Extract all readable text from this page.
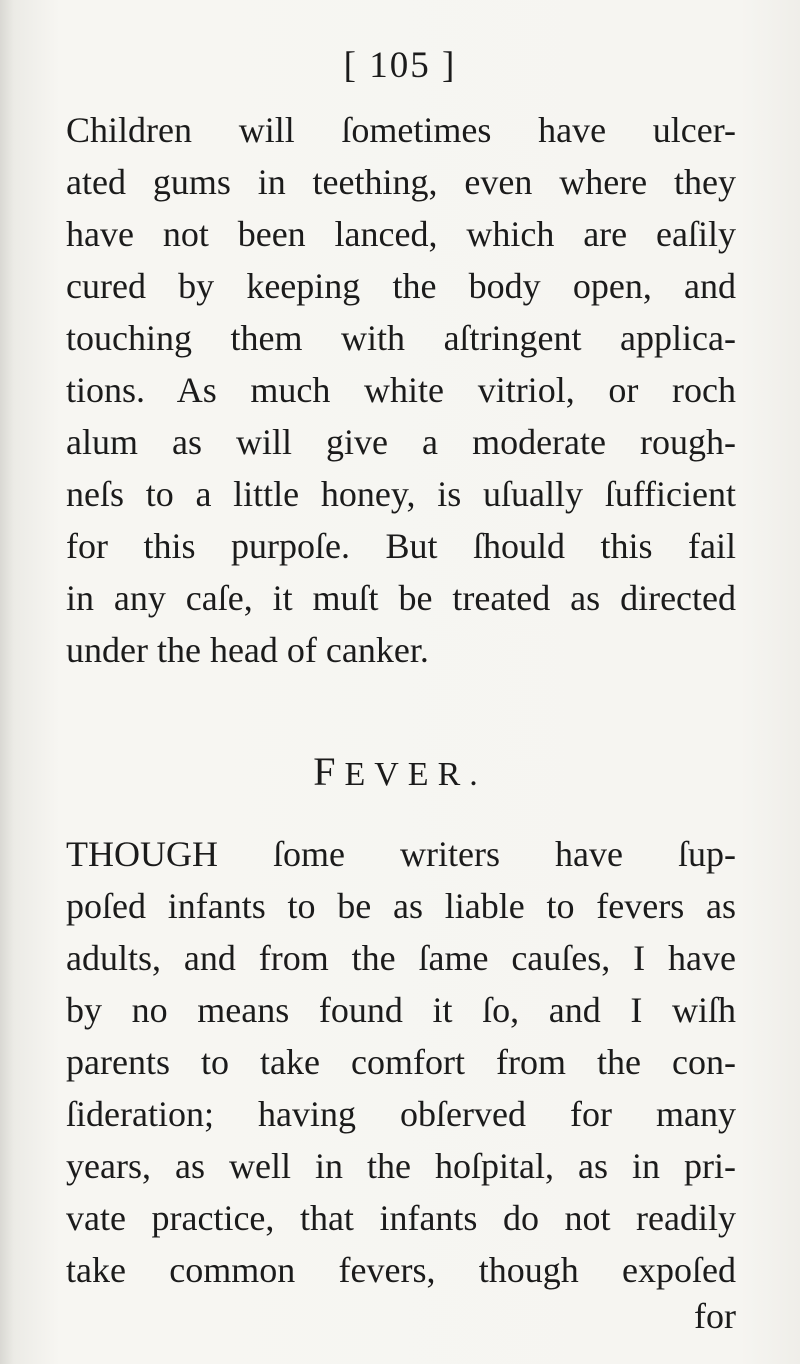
[ 105 ]
Children will ſometimes have ulcer-
ated gums in teething, even where they
have not been lanced, which are eaſily
cured by keeping the body open, and
touching them with aſtringent applica-
tions. As much white vitriol, or roch
alum as will give a moderate rough-
neſs to a little honey, is uſually ſufficient
for this purpoſe. But ſhould this fail
in any caſe, it muſt be treated as directed
under the head of canker.
FEVER.
THOUGH ſome writers have ſup-
poſed infants to be as liable to fevers as
adults, and from the ſame cauſes, I have
by no means found it ſo, and I wiſh
parents to take comfort from the con-
ſideration; having obſerved for many
years, as well in the hoſpital, as in pri-
vate practice, that infants do not readily
take common fevers, though expoſed
for
